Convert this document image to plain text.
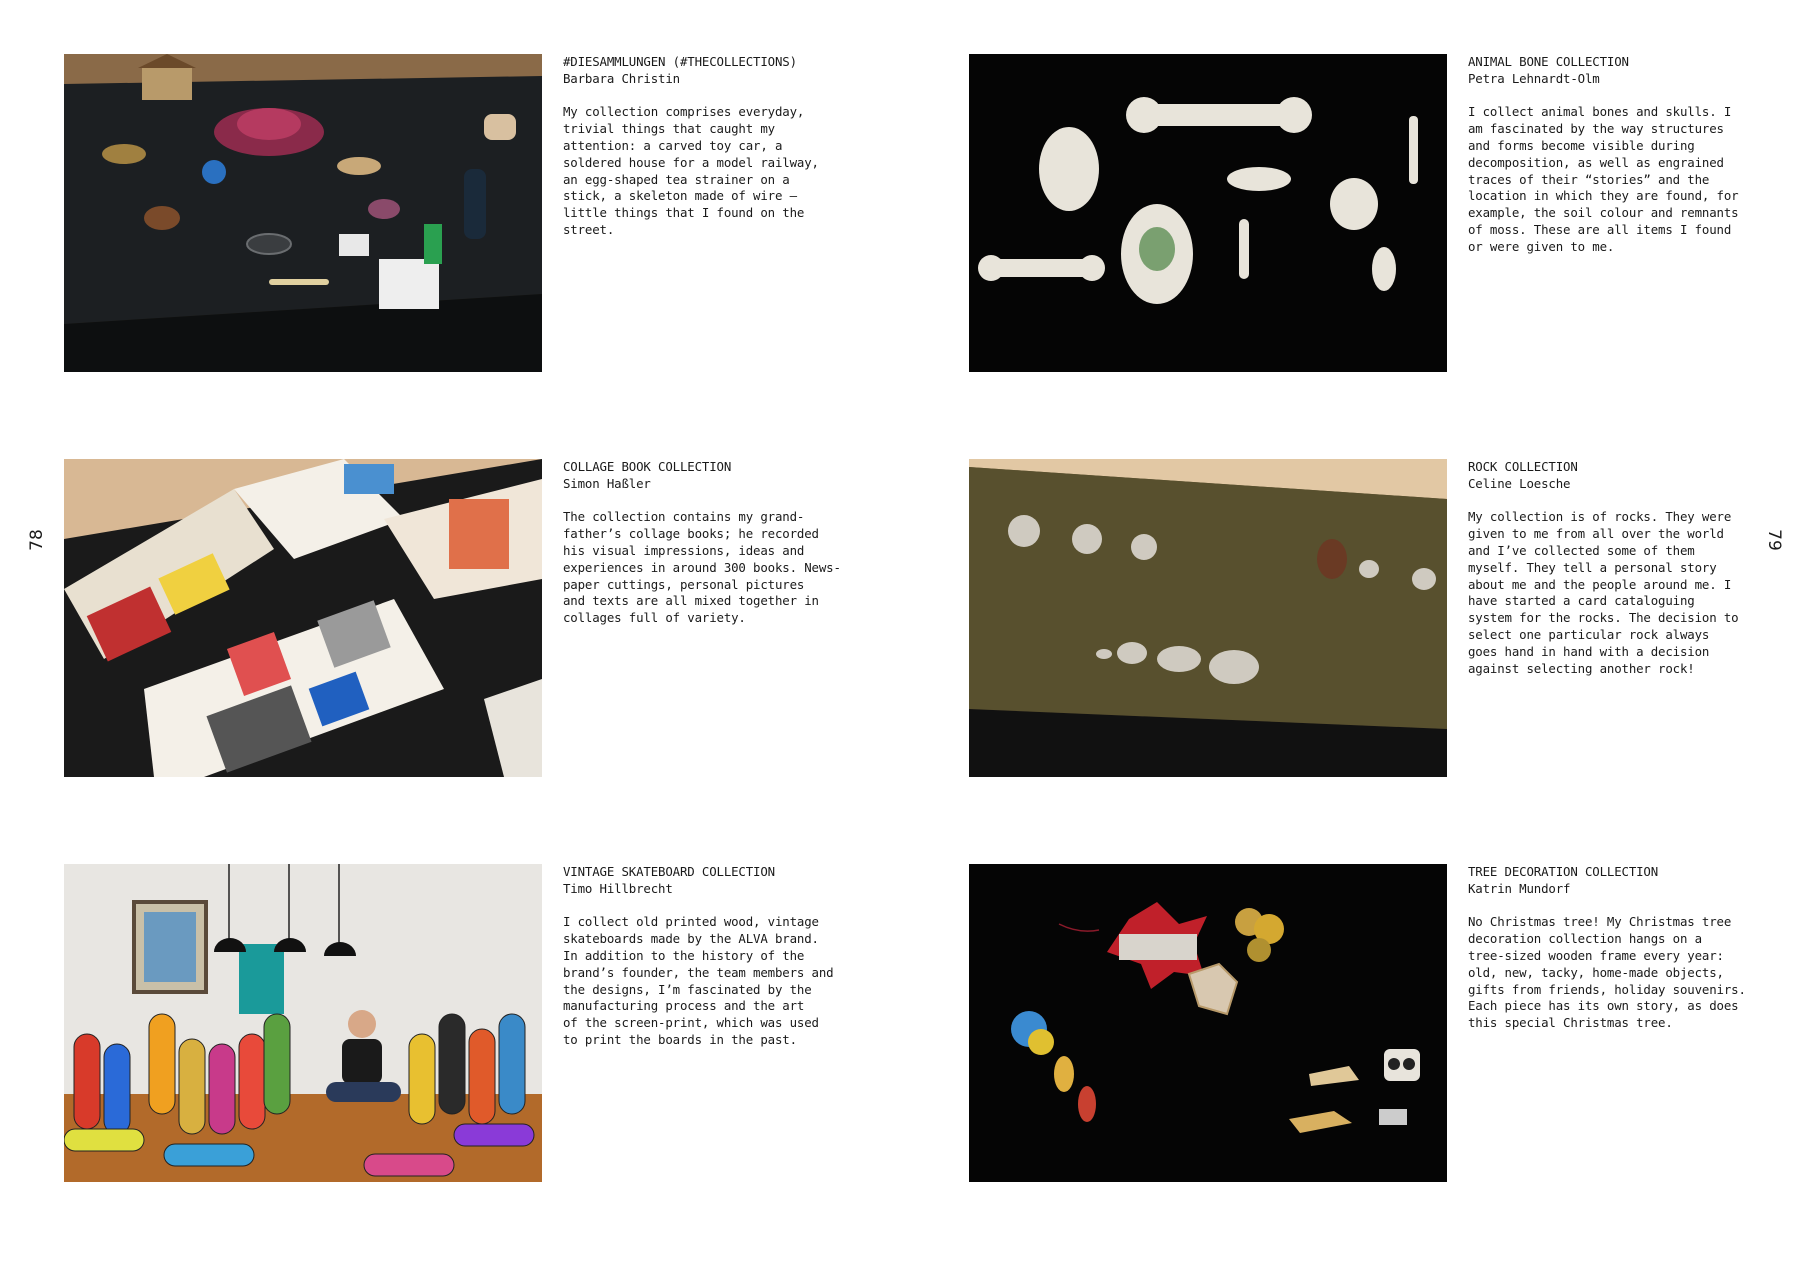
78	79
#DIESAMMLUNGEN (#THECOLLECTIONS)
Barbara Christin

My collection comprises everyday,
trivial things that caught my
attention: a carved toy car, a
soldered house for a model railway,
an egg-shaped tea strainer on a
stick, a skeleton made of wire –
little things that I found on the
street.

ANIMAL BONE COLLECTION
Petra Lehnardt-Olm

I collect animal bones and skulls. I
am fascinated by the way structures
and forms become visible during
decomposition, as well as engrained
traces of their “stories” and the
location in which they are found, for
example, the soil colour and remnants
of moss. These are all items I found
or were given to me.

COLLAGE BOOK COLLECTION
Simon Haßler

The collection contains my grand-
father’s collage books; he recorded
his visual impressions, ideas and
experiences in around 300 books. News-
paper cuttings, personal pictures
and texts are all mixed together in
collages full of variety.

ROCK COLLECTION
Celine Loesche

My collection is of rocks. They were
given to me from all over the world
and I’ve collected some of them
myself. They tell a personal story
about me and the people around me. I
have started a card cataloguing
system for the rocks. The decision to
select one particular rock always
goes hand in hand with a decision
against selecting another rock!

VINTAGE SKATEBOARD COLLECTION
Timo Hillbrecht

I collect old printed wood, vintage
skateboards made by the ALVA brand.
In addition to the history of the
brand’s founder, the team members and
the designs, I’m fascinated by the
manufacturing process and the art
of the screen-print, which was used
to print the boards in the past.

TREE DECORATION COLLECTION
Katrin Mundorf

No Christmas tree! My Christmas tree
decoration collection hangs on a
tree-sized wooden frame every year:
old, new, tacky, home-made objects,
gifts from friends, holiday souvenirs.
Each piece has its own story, as does
this special Christmas tree.
